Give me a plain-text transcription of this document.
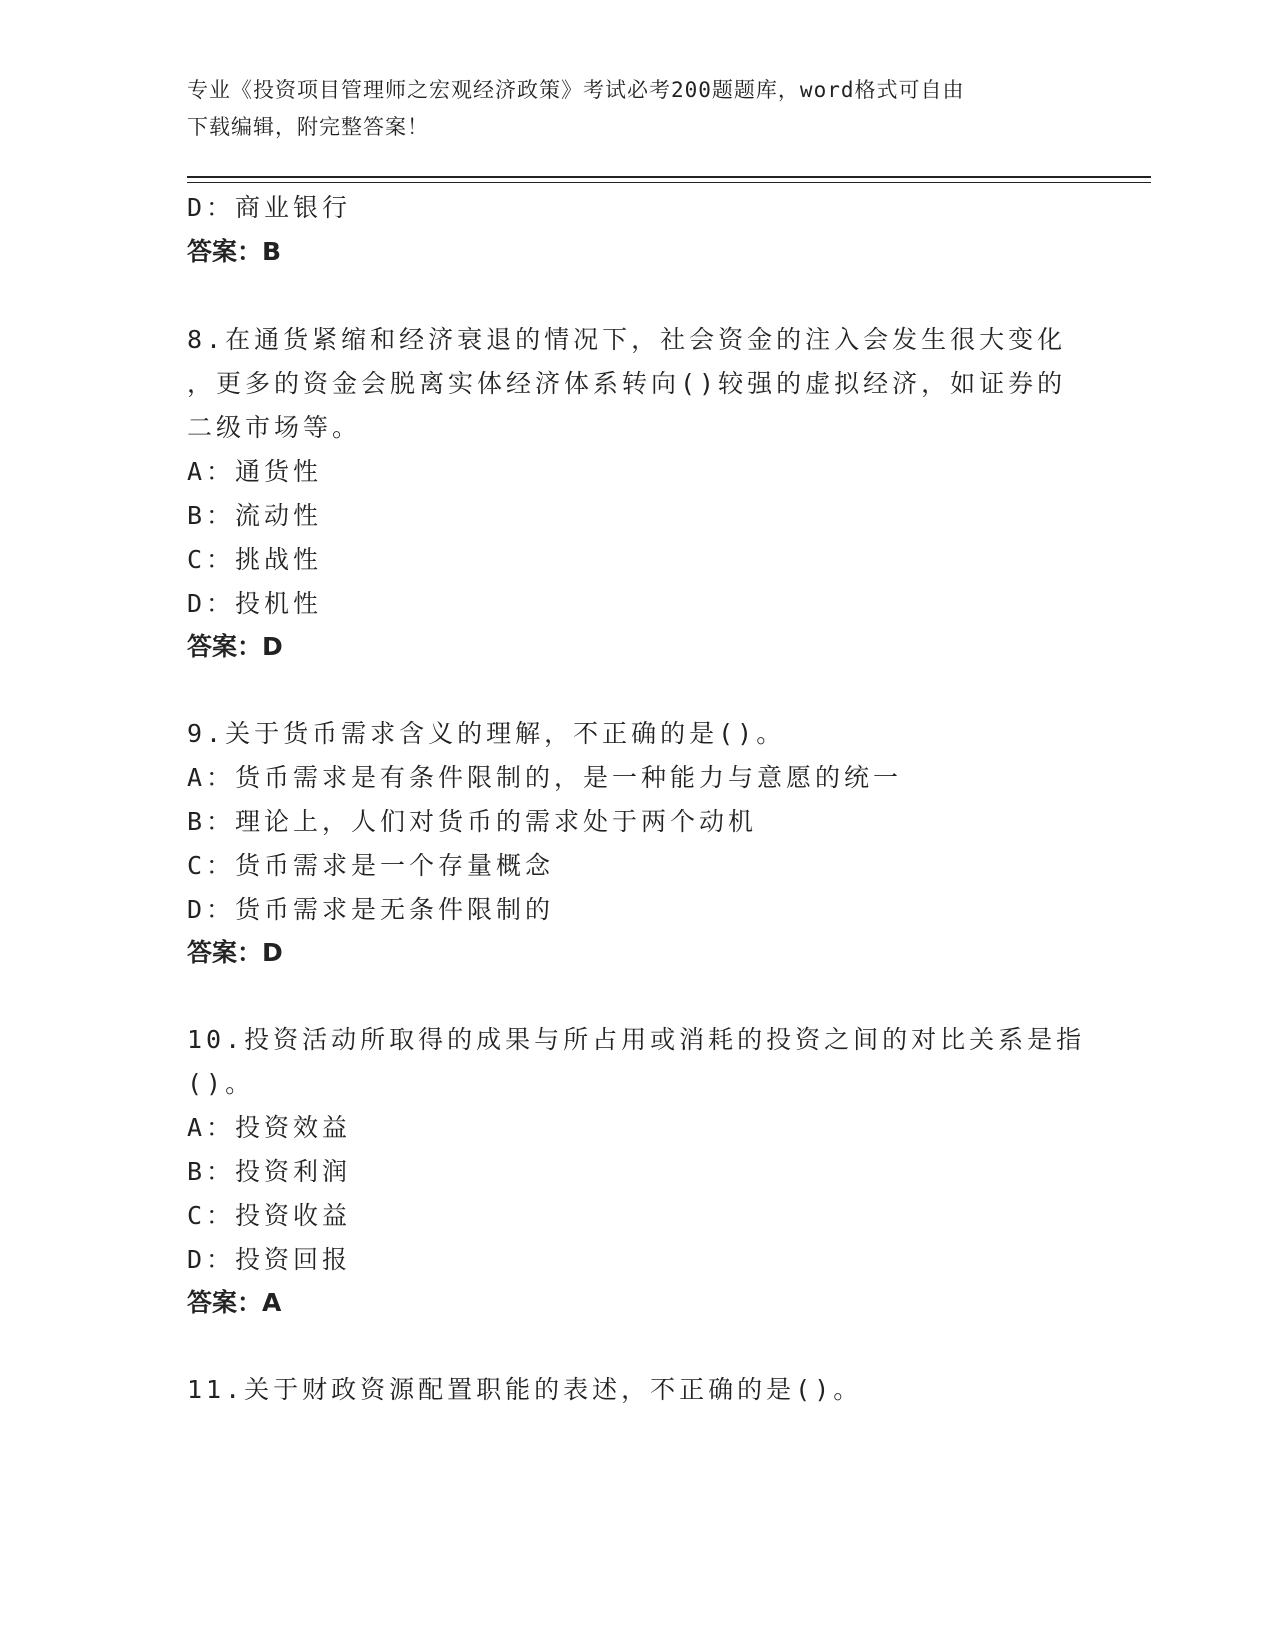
专业《投资项目管理师之宏观经济政策》考试必考200题题库，word格式可自由
下载编辑，附完整答案！
D：商业银行
答案：B
8.在通货紧缩和经济衰退的情况下，社会资金的注入会发生很大变化
，更多的资金会脱离实体经济体系转向()较强的虚拟经济，如证券的
二级市场等。
A：通货性
B：流动性
C：挑战性
D：投机性
答案：D
9.关于货币需求含义的理解，不正确的是()。
A：货币需求是有条件限制的，是一种能力与意愿的统一
B：理论上，人们对货币的需求处于两个动机
C：货币需求是一个存量概念
D：货币需求是无条件限制的
答案：D
10.投资活动所取得的成果与所占用或消耗的投资之间的对比关系是指
()。
A：投资效益
B：投资利润
C：投资收益
D：投资回报
答案：A
11.关于财政资源配置职能的表述，不正确的是()。
